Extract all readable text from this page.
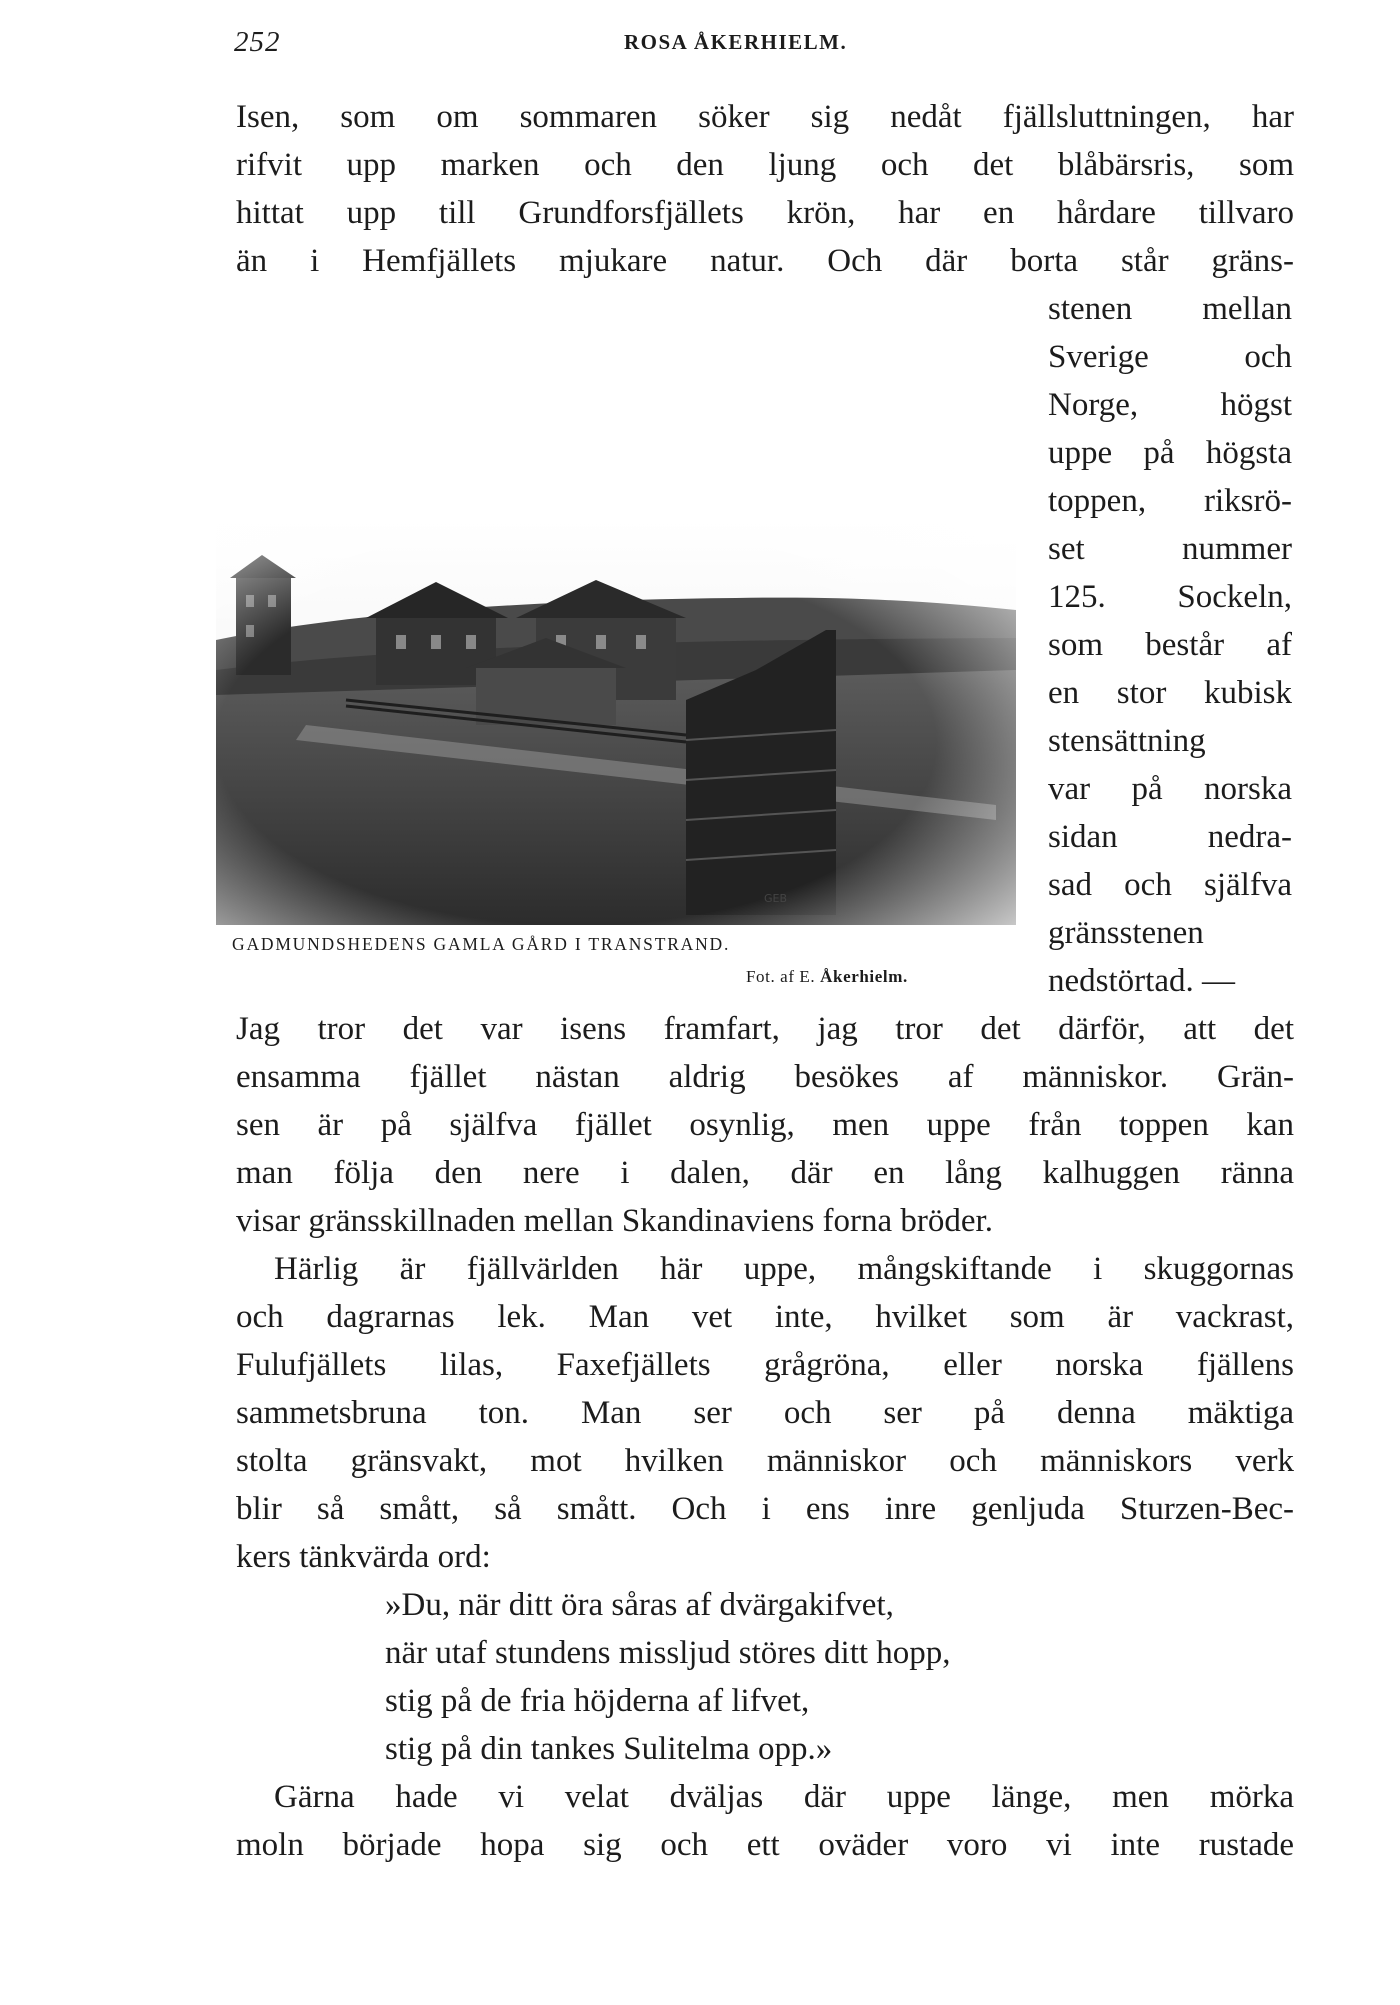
252	ROSA ÅKERHIELM.
Isen, som om sommaren söker sig nedåt fjällsluttningen, har
rifvit upp marken och den ljung och det blåbärsris, som
hittat upp till Grundforsfjällets krön, har en hårdare tillvaro
än i Hemfjällets mjukare natur. Och där borta står gräns-
stenen mellan
Sverige och
Norge, högst
uppe på högsta
toppen, riksrö-
set nummer
125. Sockeln,
som består af
en stor kubisk
stensättning
var på norska
sidan nedra-
sad och själfva
gränsstenen
nedstörtad. —
GEB
GADMUNDSHEDENS GAMLA GÅRD I TRANSTRAND.
Fot. af E. Åkerhielm.
Jag tror det var isens framfart, jag tror det därför, att det
ensamma fjället nästan aldrig besökes af människor. Grän-
sen är på själfva fjället osynlig, men uppe från toppen kan
man följa den nere i dalen, där en lång kalhuggen ränna
visar gränsskillnaden mellan Skandinaviens forna bröder.
Härlig är fjällvärlden här uppe, mångskiftande i skuggornas
och dagrarnas lek. Man vet inte, hvilket som är vackrast,
Fulufjällets lilas, Faxefjällets grågröna, eller norska fjällens
sammetsbruna ton. Man ser och ser på denna mäktiga
stolta gränsvakt, mot hvilken människor och människors verk
blir så smått, så smått. Och i ens inre genljuda Sturzen-Bec-
kers tänkvärda ord:
»Du, när ditt öra såras af dvärgakifvet,
när utaf stundens missljud störes ditt hopp,
stig på de fria höjderna af lifvet,
stig på din tankes Sulitelma opp.»
Gärna hade vi velat dväljas där uppe länge, men mörka
moln började hopa sig och ett oväder voro vi inte rustade
